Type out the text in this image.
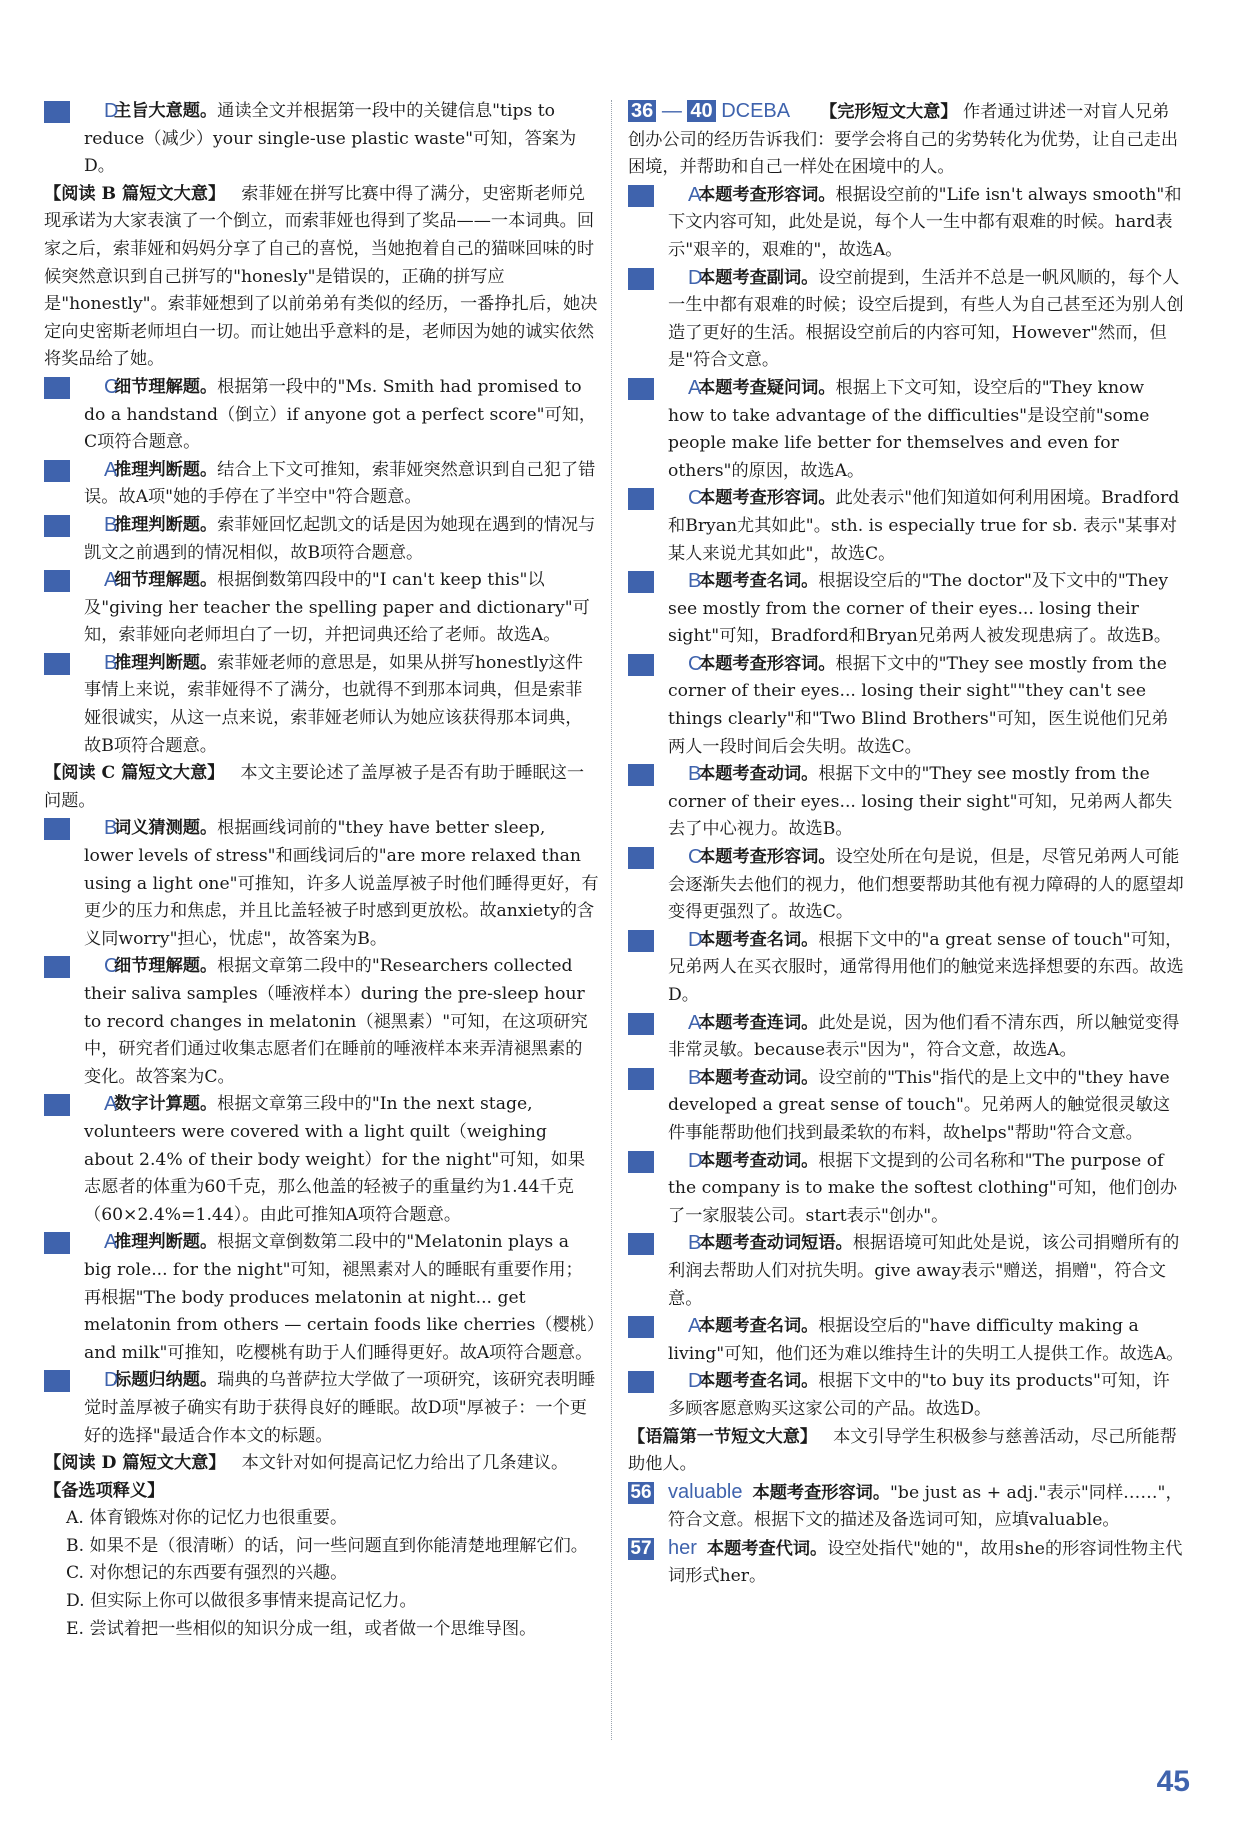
25 D
主旨大意题。通读全文并根据第一段中的关键信息"tips to reduce（减少）your single-use plastic waste"可知，答案为D。

【阅读 B 篇短文大意】 索菲娅在拼写比赛中得了满分，史密斯老师兑现承诺为大家表演了一个倒立，而索菲娅也得到了奖品——一本词典。回家之后，索菲娅和妈妈分享了自己的喜悦，当她抱着自己的猫咪回味的时候突然意识到自己拼写的"honesly"是错误的，正确的拼写应是"honestly"。索菲娅想到了以前弟弟有类似的经历，一番挣扎后，她决定向史密斯老师坦白一切。而让她出乎意料的是，老师因为她的诚实依然将奖品给了她。

26 C
细节理解题。根据第一段中的"Ms. Smith had promised to do a handstand（倒立）if anyone got a perfect score"可知，C项符合题意。

27 A
推理判断题。结合上下文可推知，索菲娅突然意识到自己犯了错误。故A项"她的手停在了半空中"符合题意。

28 B
推理判断题。索菲娅回忆起凯文的话是因为她现在遇到的情况与凯文之前遇到的情况相似，故B项符合题意。

29 A
细节理解题。根据倒数第四段中的"I can't keep this"以及"giving her teacher the spelling paper and dictionary"可知，索菲娅向老师坦白了一切，并把词典还给了老师。故选A。

30 B
推理判断题。索菲娅老师的意思是，如果从拼写honestly这件事情上来说，索菲娅得不了满分，也就得不到那本词典，但是索菲娅很诚实，从这一点来说，索菲娅老师认为她应该获得那本词典，故B项符合题意。

【阅读 C 篇短文大意】 本文主要论述了盖厚被子是否有助于睡眠这一问题。

31 B
词义猜测题。根据画线词前的"they have better sleep, lower levels of stress"和画线词后的"are more relaxed than using a light one"可推知，许多人说盖厚被子时他们睡得更好，有更少的压力和焦虑，并且比盖轻被子时感到更放松。故anxiety的含义同worry"担心，忧虑"，故答案为B。

32 C
细节理解题。根据文章第二段中的"Researchers collected their saliva samples（唾液样本）during the pre-sleep hour to record changes in melatonin（褪黑素）"可知，在这项研究中，研究者们通过收集志愿者们在睡前的唾液样本来弄清褪黑素的变化。故答案为C。

33 A
数字计算题。根据文章第三段中的"In the next stage, volunteers were covered with a light quilt（weighing about 2.4% of their body weight）for the night"可知，如果志愿者的体重为60千克，那么他盖的轻被子的重量约为1.44千克（60×2.4%=1.44）。由此可推知A项符合题意。

34 A
推理判断题。根据文章倒数第二段中的"Melatonin plays a big role... for the night"可知，褪黑素对人的睡眠有重要作用；再根据"The body produces melatonin at night... get melatonin from others — certain foods like cherries（樱桃）and milk"可推知，吃樱桃有助于人们睡得更好。故A项符合题意。

35 D
标题归纳题。瑞典的乌普萨拉大学做了一项研究，该研究表明睡觉时盖厚被子确实有助于获得良好的睡眠。故D项"厚被子：一个更好的选择"最适合作本文的标题。

【阅读 D 篇短文大意】 本文针对如何提高记忆力给出了几条建议。

【备选项释义】

A. 体育锻炼对你的记忆力也很重要。

B. 如果不是（很清晰）的话，问一些问题直到你能清楚地理解它们。

C. 对你想记的东西要有强烈的兴趣。

D. 但实际上你可以做很多事情来提高记忆力。

E. 尝试着把一些相似的知识分成一组，或者做一个思维导图。

36 — 40 DCEBA 【完形短文大意】 作者通过讲述一对盲人兄弟创办公司的经历告诉我们：要学会将自己的劣势转化为优势，让自己走出困境，并帮助和自己一样处在困境中的人。

41 A
本题考查形容词。根据设空前的"Life isn't always smooth"和下文内容可知，此处是说，每个人一生中都有艰难的时候。hard表示"艰辛的，艰难的"，故选A。

42 D
本题考查副词。设空前提到，生活并不总是一帆风顺的，每个人一生中都有艰难的时候；设空后提到，有些人为自己甚至还为别人创造了更好的生活。根据设空前后的内容可知，However"然而，但是"符合文意。

43 A
本题考查疑问词。根据上下文可知，设空后的"They know how to take advantage of the difficulties"是设空前"some people make life better for themselves and even for others"的原因，故选A。

44 C
本题考查形容词。此处表示"他们知道如何利用困境。Bradford和Bryan尤其如此"。sth. is especially true for sb. 表示"某事对某人来说尤其如此"，故选C。

45 B
本题考查名词。根据设空后的"The doctor"及下文中的"They see mostly from the corner of their eyes... losing their sight"可知，Bradford和Bryan兄弟两人被发现患病了。故选B。

46 C
本题考查形容词。根据下文中的"They see mostly from the corner of their eyes... losing their sight""they can't see things clearly"和"Two Blind Brothers"可知，医生说他们兄弟两人一段时间后会失明。故选C。

47 B
本题考查动词。根据下文中的"They see mostly from the corner of their eyes... losing their sight"可知，兄弟两人都失去了中心视力。故选B。

48 C
本题考查形容词。设空处所在句是说，但是，尽管兄弟两人可能会逐渐失去他们的视力，他们想要帮助其他有视力障碍的人的愿望却变得更强烈了。故选C。

49 D
本题考查名词。根据下文中的"a great sense of touch"可知，兄弟两人在买衣服时，通常得用他们的触觉来选择想要的东西。故选D。

50 A
本题考查连词。此处是说，因为他们看不清东西，所以触觉变得非常灵敏。because表示"因为"，符合文意，故选A。

51 B
本题考查动词。设空前的"This"指代的是上文中的"they have developed a great sense of touch"。兄弟两人的触觉很灵敏这件事能帮助他们找到最柔软的布料，故helps"帮助"符合文意。

52 D
本题考查动词。根据下文提到的公司名称和"The purpose of the company is to make the softest clothing"可知，他们创办了一家服装公司。start表示"创办"。

53 B
本题考查动词短语。根据语境可知此处是说，该公司捐赠所有的利润去帮助人们对抗失明。give away表示"赠送，捐赠"，符合文意。

54 A
本题考查名词。根据设空后的"have difficulty making a living"可知，他们还为难以维持生计的失明工人提供工作。故选A。

55 D
本题考查名词。根据下文中的"to buy its products"可知，许多顾客愿意购买这家公司的产品。故选D。

【语篇第一节短文大意】 本文引导学生积极参与慈善活动，尽己所能帮助他人。

56 valuable 本题考查形容词。"be just as + adj."表示"同样……"，符合文意。根据下文的描述及备选词可知，应填valuable。

57 her 本题考查代词。设空处指代"她的"，故用she的形容词性物主代词形式her。

45
